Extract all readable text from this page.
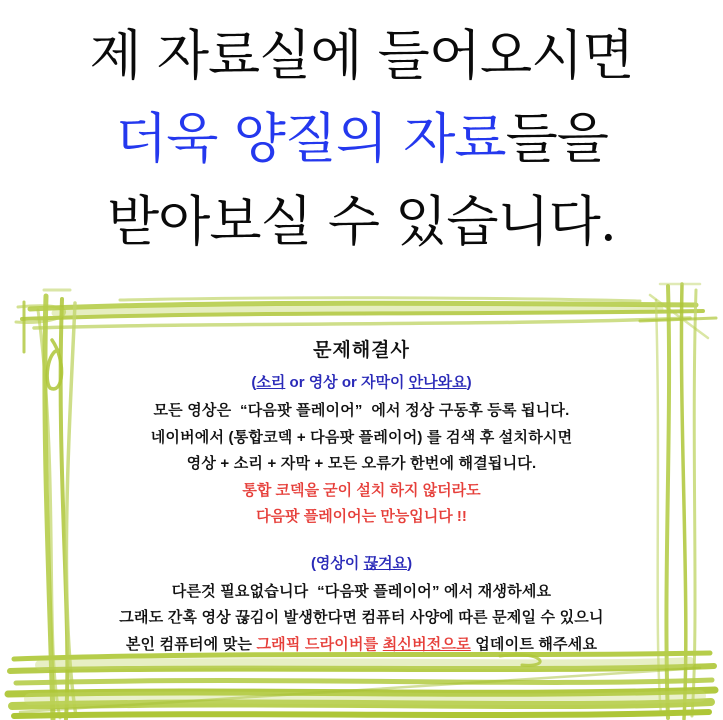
제 자료실에 들어오시면
더욱 양질의 자료들을
받아보실 수 있습니다.
문제해결사
(소리 or 영상 or 자막이 안나와요)
모든 영상은  “다음팟 플레이어”  에서 정상 구동후 등록 됩니다.
네이버에서 (통합코덱 + 다음팟 플레이어) 를 검색 후 설치하시면
영상 + 소리 + 자막 + 모든 오류가 한번에 해결됩니다.
통합 코덱을 굳이 설치 하지 않더라도
다음팟 플레이어는 만능입니다 !!
(영상이 끊겨요)
다른것 필요없습니다  “다음팟 플레이어” 에서 재생하세요
그래도 간혹 영상 끊김이 발생한다면 컴퓨터 사양에 따른 문제일 수 있으니
본인 컴퓨터에 맞는 그래픽 드라이버를 최신버전으로 업데이트 해주세요
